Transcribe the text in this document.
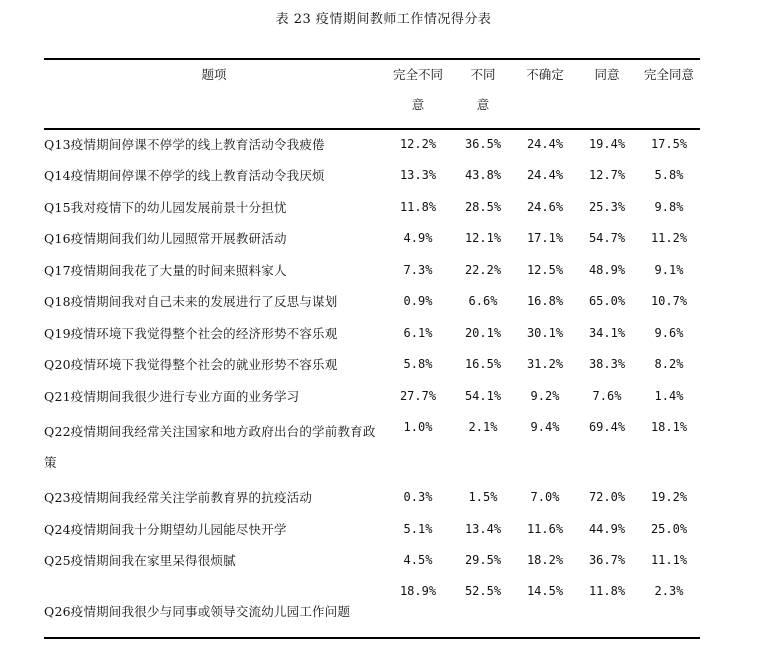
表 23 疫情期间教师工作情况得分表
题项	完全不同意	不同意	不确定	同意	完全同意
Q13疫情期间停课不停学的线上教育活动令我疲倦	12.2%	36.5%	24.4%	19.4%	17.5%
Q14疫情期间停课不停学的线上教育活动令我厌烦	13.3%	43.8%	24.4%	12.7%	5.8%
Q15我对疫情下的幼儿园发展前景十分担忧	11.8%	28.5%	24.6%	25.3%	9.8%
Q16疫情期间我们幼儿园照常开展教研活动	4.9%	12.1%	17.1%	54.7%	11.2%
Q17疫情期间我花了大量的时间来照料家人	7.3%	22.2%	12.5%	48.9%	9.1%
Q18疫情期间我对自己未来的发展进行了反思与谋划	0.9%	6.6%	16.8%	65.0%	10.7%
Q19疫情环境下我觉得整个社会的经济形势不容乐观	6.1%	20.1%	30.1%	34.1%	9.6%
Q20疫情环境下我觉得整个社会的就业形势不容乐观	5.8%	16.5%	31.2%	38.3%	8.2%
Q21疫情期间我很少进行专业方面的业务学习	27.7%	54.1%	9.2%	7.6%	1.4%
Q22疫情期间我经常关注国家和地方政府出台的学前教育政策	1.0%	2.1%	9.4%	69.4%	18.1%
Q23疫情期间我经常关注学前教育界的抗疫活动	0.3%	1.5%	7.0%	72.0%	19.2%
Q24疫情期间我十分期望幼儿园能尽快开学	5.1%	13.4%	11.6%	44.9%	25.0%
Q25疫情期间我在家里呆得很烦腻	4.5%	29.5%	18.2%	36.7%	11.1%
Q26疫情期间我很少与同事或领导交流幼儿园工作问题	18.9%	52.5%	14.5%	11.8%	2.3%
